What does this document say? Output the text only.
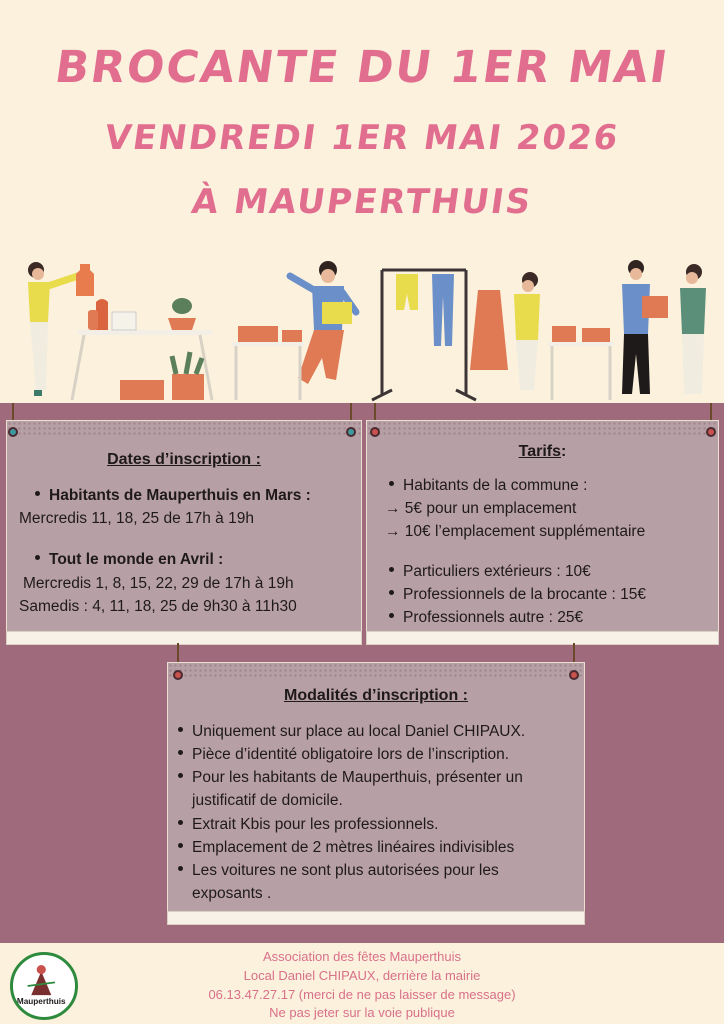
BROCANTE DU 1ER MAI
VENDREDI 1ER MAI 2026
À MAUPERTHUIS
Dates d’inscription :
Habitants de Mauperthuis en Mars :
Mercredis 11, 18, 25 de 17h à 19h
Tout le monde en Avril :
Mercredis 1, 8, 15, 22, 29 de 17h à 19h
Samedis : 4, 11, 18, 25 de 9h30 à 11h30
Tarifs:
Habitants de la commune :
→ 5€ pour un emplacement
→ 10€ l’emplacement supplémentaire
Particuliers extérieurs : 10€
Professionnels de la brocante : 15€
Professionnels autre : 25€
Modalités d’inscription :
Uniquement sur place au local Daniel CHIPAUX.
Pièce d’identité obligatoire lors de l’inscription.
Pour les habitants de Mauperthuis, présenter un
justificatif de domicile.
Extrait Kbis pour les professionnels.
Emplacement de 2 mètres linéaires indivisibles
Les voitures ne sont plus autorisées pour les
exposants .
Association des fêtes Mauperthuis
Local Daniel CHIPAUX, derrière la mairie
06.13.47.27.17 (merci de ne pas laisser de message)
Ne pas jeter sur la voie publique
Mauperthuis
